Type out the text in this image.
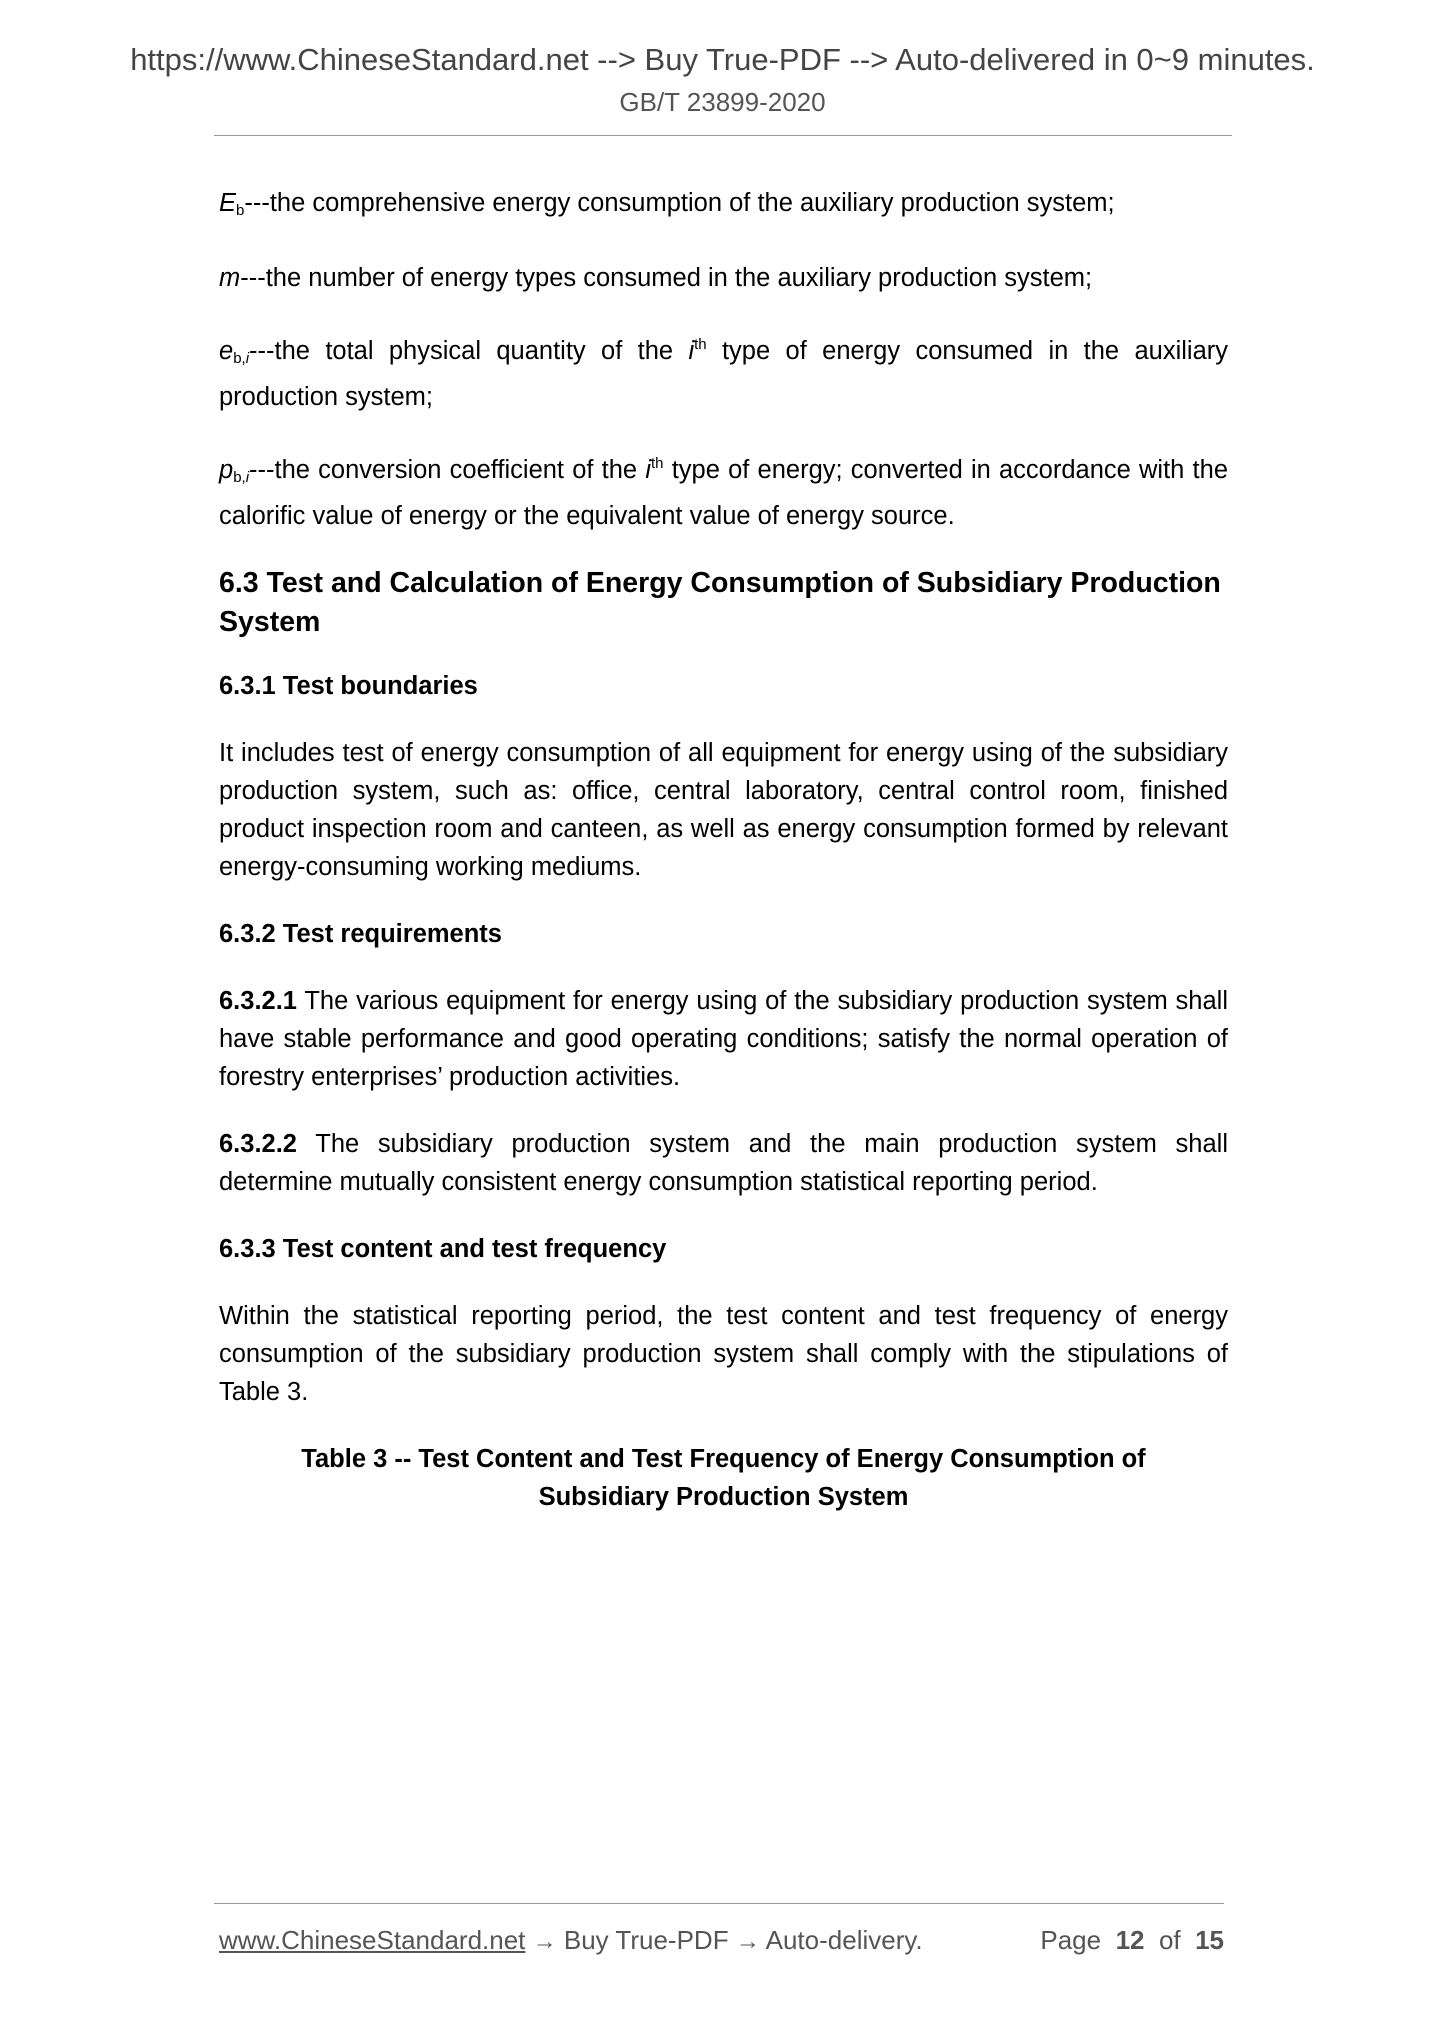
https://www.ChineseStandard.net --> Buy True-PDF --> Auto-delivered in 0~9 minutes.
GB/T 23899-2020

$E_b--$-the comprehensive energy consumption of the auxiliary production system;

m---the number of energy types consumed in the auxiliary production system;

$e_{b,i}--$-the total physical quantity of the $i^{th}$ type of energy consumed in the auxiliary production system;

$p_{b,i}--$-the conversion coefficient of the $i^{th}$ type of energy; converted in accordance with the calorific value of energy or the equivalent value of energy source.

6.3 Test and Calculation of Energy Consumption of Subsidiary Production System
6.3.1 Test boundaries

It includes test of energy consumption of all equipment for energy using of the subsidiary production system, such as: office, central laboratory, central control room, finished product inspection room and canteen, as well as energy consumption formed by relevant energy-consuming working mediums.

6.3.2 Test requirements

6.3.2.1 The various equipment for energy using of the subsidiary production system shall have stable performance and good operating conditions; satisfy the normal operation of forestry enterprises’ production activities.

6.3.2.2 The subsidiary production system and the main production system shall determine mutually consistent energy consumption statistical reporting period.

6.3.3 Test content and test frequency

Within the statistical reporting period, the test content and test frequency of energy consumption of the subsidiary production system shall comply with the stipulations of Table 3.

Table 3 -- Test Content and Test Frequency of Energy Consumption of Subsidiary Production System

www.ChineseStandard.net → Buy True-PDF → Auto-delivery.	Page 12 of 15
